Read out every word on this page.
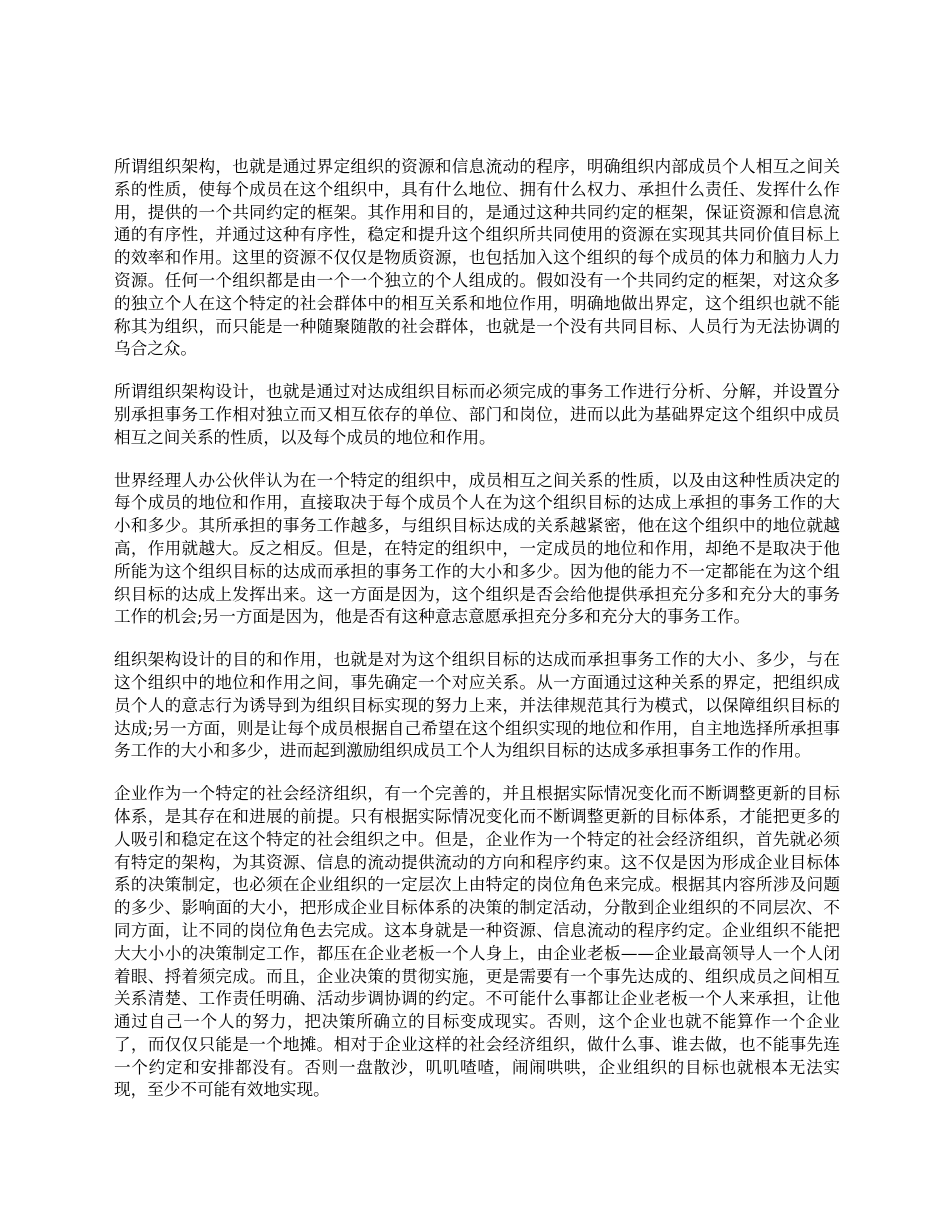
所谓组织架构，也就是通过界定组织的资源和信息流动的程序，明确组织内部成员个人相互之间关系的性质，使每个成员在这个组织中，具有什么地位、拥有什么权力、承担什么责任、发挥什么作用，提供的一个共同约定的框架。其作用和目的，是通过这种共同约定的框架，保证资源和信息流通的有序性，并通过这种有序性，稳定和提升这个组织所共同使用的资源在实现其共同价值目标上的效率和作用。这里的资源不仅仅是物质资源，也包括加入这个组织的每个成员的体力和脑力人力资源。任何一个组织都是由一个一个独立的个人组成的。假如没有一个共同约定的框架，对这众多的独立个人在这个特定的社会群体中的相互关系和地位作用，明确地做出界定，这个组织也就不能称其为组织，而只能是一种随聚随散的社会群体，也就是一个没有共同目标、人员行为无法协调的乌合之众。

所谓组织架构设计，也就是通过对达成组织目标而必须完成的事务工作进行分析、分解，并设置分别承担事务工作相对独立而又相互依存的单位、部门和岗位，进而以此为基础界定这个组织中成员相互之间关系的性质，以及每个成员的地位和作用。

世界经理人办公伙伴认为在一个特定的组织中，成员相互之间关系的性质，以及由这种性质决定的每个成员的地位和作用，直接取决于每个成员个人在为这个组织目标的达成上承担的事务工作的大小和多少。其所承担的事务工作越多，与组织目标达成的关系越紧密，他在这个组织中的地位就越高，作用就越大。反之相反。但是，在特定的组织中，一定成员的地位和作用，却绝不是取决于他所能为这个组织目标的达成而承担的事务工作的大小和多少。因为他的能力不一定都能在为这个组织目标的达成上发挥出来。这一方面是因为，这个组织是否会给他提供承担充分多和充分大的事务工作的机会;另一方面是因为，他是否有这种意志意愿承担充分多和充分大的事务工作。

组织架构设计的目的和作用，也就是对为这个组织目标的达成而承担事务工作的大小、多少，与在这个组织中的地位和作用之间，事先确定一个对应关系。从一方面通过这种关系的界定，把组织成员个人的意志行为诱导到为组织目标实现的努力上来，并法律规范其行为模式，以保障组织目标的达成;另一方面，则是让每个成员根据自己希望在这个组织实现的地位和作用，自主地选择所承担事务工作的大小和多少，进而起到激励组织成员工个人为组织目标的达成多承担事务工作的作用。

企业作为一个特定的社会经济组织，有一个完善的，并且根据实际情况变化而不断调整更新的目标体系，是其存在和进展的前提。只有根据实际情况变化而不断调整更新的目标体系，才能把更多的人吸引和稳定在这个特定的社会组织之中。但是，企业作为一个特定的社会经济组织，首先就必须有特定的架构，为其资源、信息的流动提供流动的方向和程序约束。这不仅是因为形成企业目标体系的决策制定，也必须在企业组织的一定层次上由特定的岗位角色来完成。根据其内容所涉及问题的多少、影响面的大小，把形成企业目标体系的决策的制定活动，分散到企业组织的不同层次、不同方面，让不同的岗位角色去完成。这本身就是一种资源、信息流动的程序约定。企业组织不能把大大小小的决策制定工作，都压在企业老板一个人身上，由企业老板——企业最高领导人一个人闭着眼、捋着须完成。而且，企业决策的贯彻实施，更是需要有一个事先达成的、组织成员之间相互关系清楚、工作责任明确、活动步调协调的约定。不可能什么事都让企业老板一个人来承担，让他通过自己一个人的努力，把决策所确立的目标变成现实。否则，这个企业也就不能算作一个企业了，而仅仅只能是一个地摊。相对于企业这样的社会经济组织，做什么事、谁去做，也不能事先连一个约定和安排都没有。否则一盘散沙，叽叽喳喳，闹闹哄哄，企业组织的目标也就根本无法实现，至少不可能有效地实现。
